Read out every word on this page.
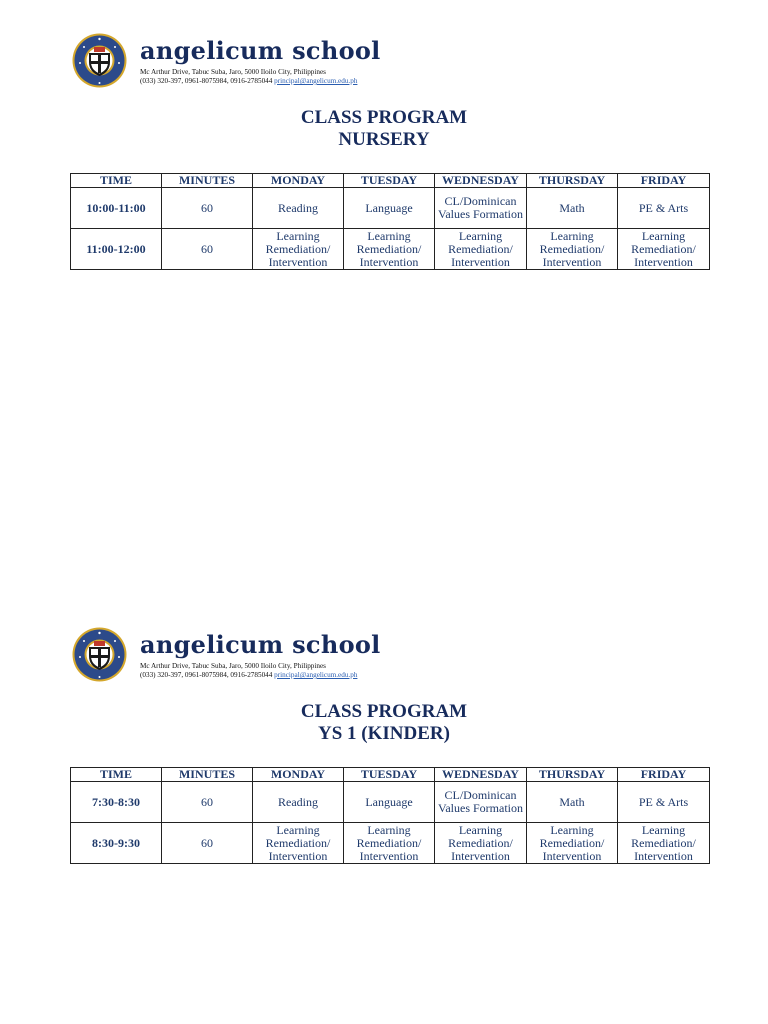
angelicum school
Mc Arthur Drive, Tabuc Suba, Jaro, 5000 Iloilo City, Philippines
(033) 320-397, 0961-8075984, 0916-2785044 principal@angelicum.edu.ph
CLASS PROGRAM
NURSERY
TIME	MINUTES	MONDAY	TUESDAY	WEDNESDAY	THURSDAY	FRIDAY
10:00-11:00	60	Reading	Language	CL/Dominican Values Formation	Math	PE & Arts
11:00-12:00	60	Learning Remediation/ Intervention	Learning Remediation/ Intervention	Learning Remediation/ Intervention	Learning Remediation/ Intervention	Learning Remediation/ Intervention
angelicum school
Mc Arthur Drive, Tabuc Suba, Jaro, 5000 Iloilo City, Philippines
(033) 320-397, 0961-8075984, 0916-2785044 principal@angelicum.edu.ph
CLASS PROGRAM
YS 1 (KINDER)
TIME	MINUTES	MONDAY	TUESDAY	WEDNESDAY	THURSDAY	FRIDAY
7:30-8:30	60	Reading	Language	CL/Dominican Values Formation	Math	PE & Arts
8:30-9:30	60	Learning Remediation/ Intervention	Learning Remediation/ Intervention	Learning Remediation/ Intervention	Learning Remediation/ Intervention	Learning Remediation/ Intervention
